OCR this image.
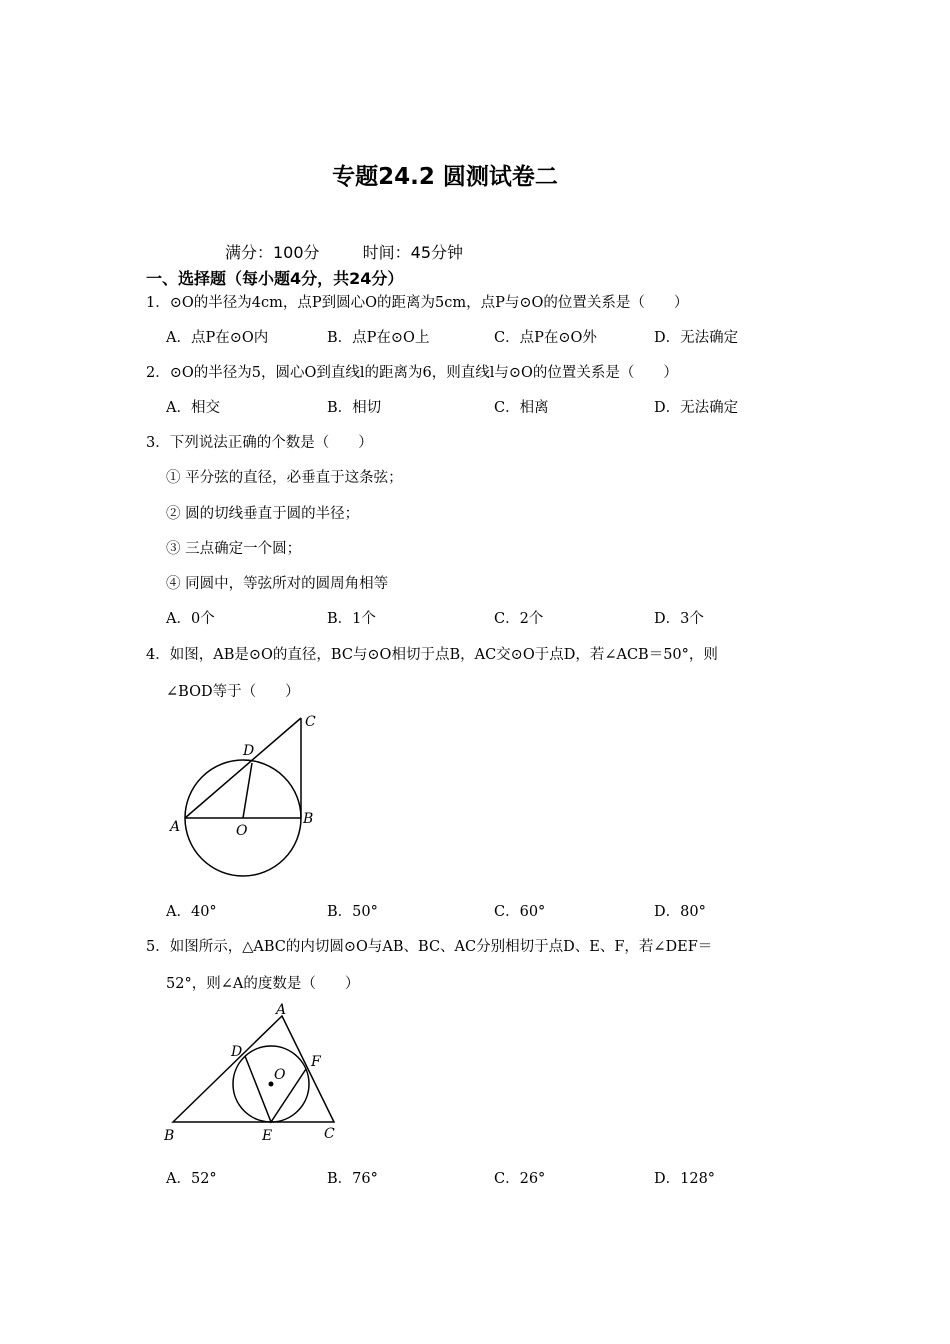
专题24.2 圆测试卷二
满分：100分	时间：45分钟
一、选择题（每小题4分，共24分）
1．⊙O的半径为4cm，点P到圆心O的距离为5cm，点P与⊙O的位置关系是（　　）
A．点P在⊙O内	B．点P在⊙O上	C．点P在⊙O外	D．无法确定
2．⊙O的半径为5，圆心O到直线l的距离为6，则直线l与⊙O的位置关系是（　　）
A．相交	B．相切	C．相离	D．无法确定
3．下列说法正确的个数是（　　）
① 平分弦的直径，必垂直于这条弦；
② 圆的切线垂直于圆的半径；
③ 三点确定一个圆；
④ 同圆中，等弦所对的圆周角相等
A．0个	B．1个	C．2个	D．3个
4．如图，AB是⊙O的直径，BC与⊙O相切于点B，AC交⊙O于点D，若∠ACB＝50°，则
∠BOD等于（　　）
A	B
C
D
O
A．40°	B．50°	C．60°	D．80°
5．如图所示，△ABC的内切圆⊙O与AB、BC、AC分别相切于点D、E、F，若∠DEF＝
52°，则∠A的度数是（　　）
A
B	C
D
E
F
O
A．52°	B．76°	C．26°	D．128°
